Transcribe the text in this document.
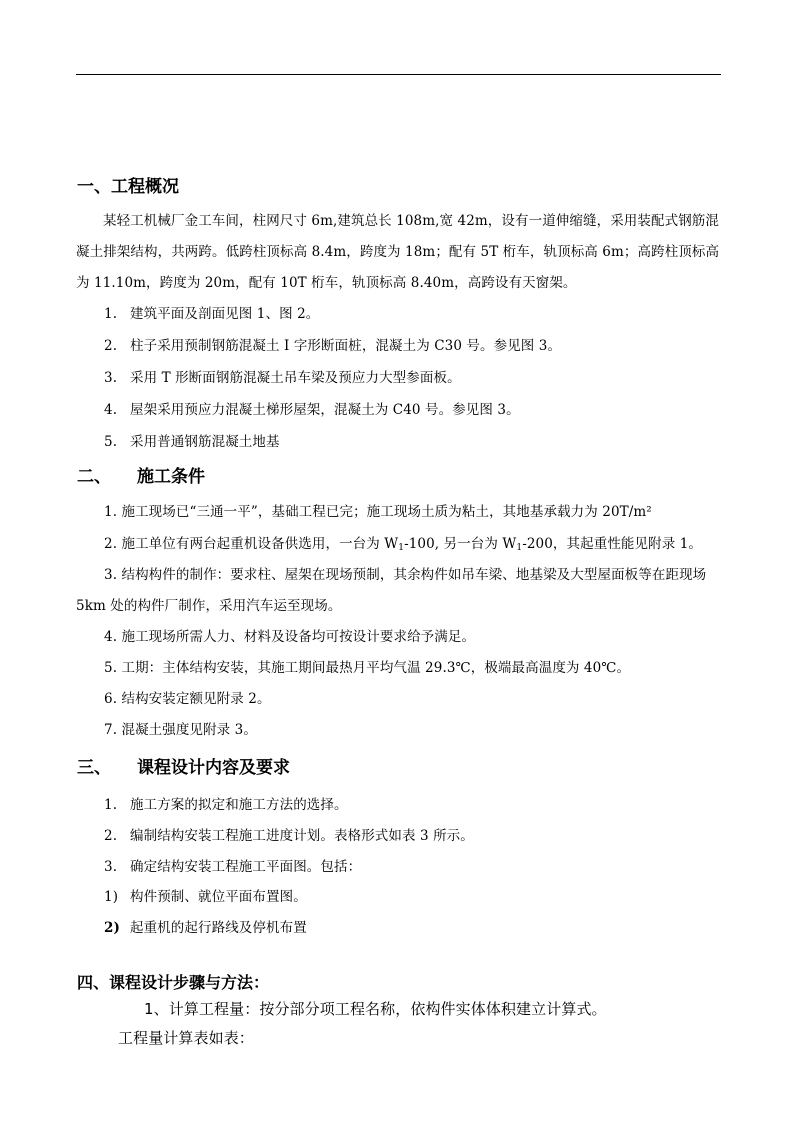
一、工程概况
某轻工机械厂金工车间，柱网尺寸 6m,建筑总长 108m,宽 42m，设有一道伸缩缝，采用装配式钢筋混
凝土排架结构，共两跨。低跨柱顶标高 8.4m，跨度为 18m；配有 5T 桁车，轨顶标高 6m；高跨柱顶标高
为 11.10m，跨度为 20m，配有 10T 桁车，轨顶标高 8.40m，高跨设有天窗架。
1. 建筑平面及剖面见图 1、图 2。
2. 柱子采用预制钢筋混凝土 I 字形断面桩，混凝土为 C30 号。参见图 3。
3. 采用 T 形断面钢筋混凝土吊车梁及预应力大型参面板。
4. 屋架采用预应力混凝土梯形屋架，混凝土为 C40 号。参见图 3。
5. 采用普通钢筋混凝土地基
二、 施工条件
1. 施工现场已“三通一平”，基础工程已完；施工现场土质为粘土，其地基承载力为 20T/m²
2. 施工单位有两台起重机设备供选用，一台为 $W_1-100$, 另一台为 $W_1-200$，其起重性能见附录 1。
3. 结构构件的制作：要求柱、屋架在现场预制，其余构件如吊车梁、地基梁及大型屋面板等在距现场
5km 处的构件厂制作，采用汽车运至现场。
4. 施工现场所需人力、材料及设备均可按设计要求给予满足。
5. 工期：主体结构安装，其施工期间最热月平均气温 29.3℃，极端最高温度为 40℃。
6. 结构安装定额见附录 2。
7. 混凝土强度见附录 3。
三、 课程设计内容及要求
1. 施工方案的拟定和施工方法的选择。
2. 编制结构安装工程施工进度计划。表格形式如表 3 所示。
3. 确定结构安装工程施工平面图。包括：
1) 构件预制、就位平面布置图。
2) 起重机的起行路线及停机布置
四、课程设计步骤与方法：
1、计算工程量：按分部分项工程名称，依构件实体体积建立计算式。
工程量计算表如表：
